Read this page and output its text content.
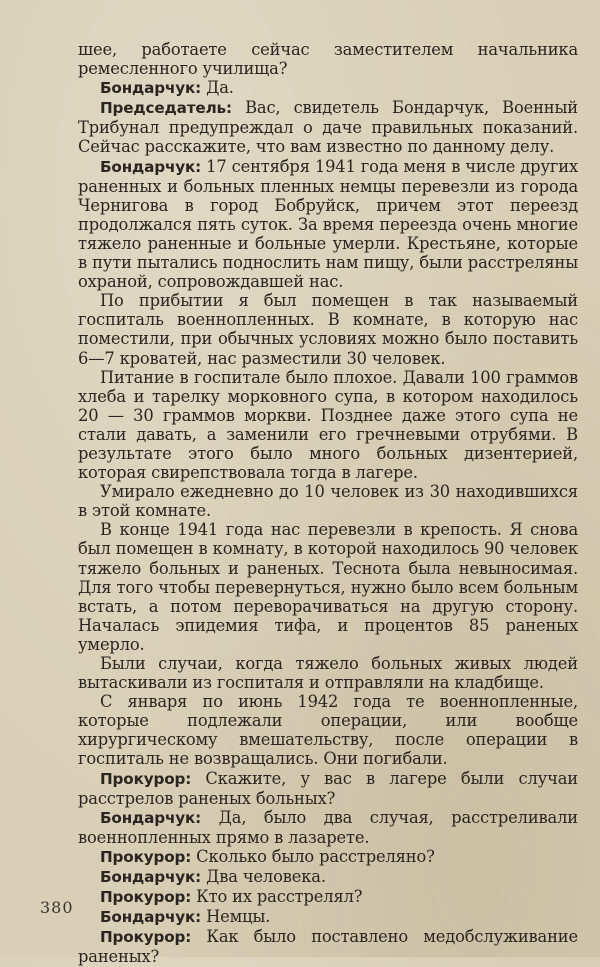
шее, работаете сейчас заместителем начальника ремесленного училища?

Бондарчук: Да.

Председатель: Вас, свидетель Бондарчук, Военный Трибунал предупреждал о даче правильных показаний. Сейчас расскажите, что вам известно по данному делу.

Бондарчук: 17 сентября 1941 года меня в числе других раненных и больных пленных немцы перевезли из города Чернигова в город Бобруйск, причем этот переезд продолжался пять суток. За время переезда очень многие тяжело раненные и больные умерли. Крестьяне, которые в пути пытались поднослить нам пищу, были расстреляны охраной, сопровождавшей нас.

По прибытии я был помещен в так называемый госпиталь военнопленных. В комнате, в которую нас поместили, при обычных условиях можно было поставить 6—7 кроватей, нас разместили 30 человек.

Питание в госпитале было плохое. Давали 100 граммов хлеба и тарелку морковного супа, в котором находилось 20 — 30 граммов моркви. Позднее даже этого супа не стали давать, а заменили его гречневыми отрубями. В результате этого было много больных дизентерией, которая свирепствовала тогда в лагере.

Умирало ежедневно до 10 человек из 30 находившихся в этой комнате.

В конце 1941 года нас перевезли в крепость. Я снова был помещен в комнату, в которой находилось 90 человек тяжело больных и раненых. Теснота была невыносимая. Для того чтобы перевернуться, нужно было всем больным встать, а потом переворачиваться на другую сторону. Началась эпидемия тифа, и процентов 85 раненых умерло.

Были случаи, когда тяжело больных живых людей вытаскивали из госпиталя и отправляли на кладбище.

С января по июнь 1942 года те военнопленные, которые подлежали операции, или вообще хирургическому вмешательству, после операции в госпиталь не возвращались. Они погибали.

Прокурор: Скажите, у вас в лагере были случаи расстрелов раненых больных?

Бондарчук: Да, было два случая, расстреливали военнопленных прямо в лазарете.

Прокурор: Сколько было расстреляно?

Бондарчук: Два человека.

Прокурор: Кто их расстрелял?

Бондарчук: Немцы.

Прокурор: Как было поставлено медобслуживание раненых?

380
